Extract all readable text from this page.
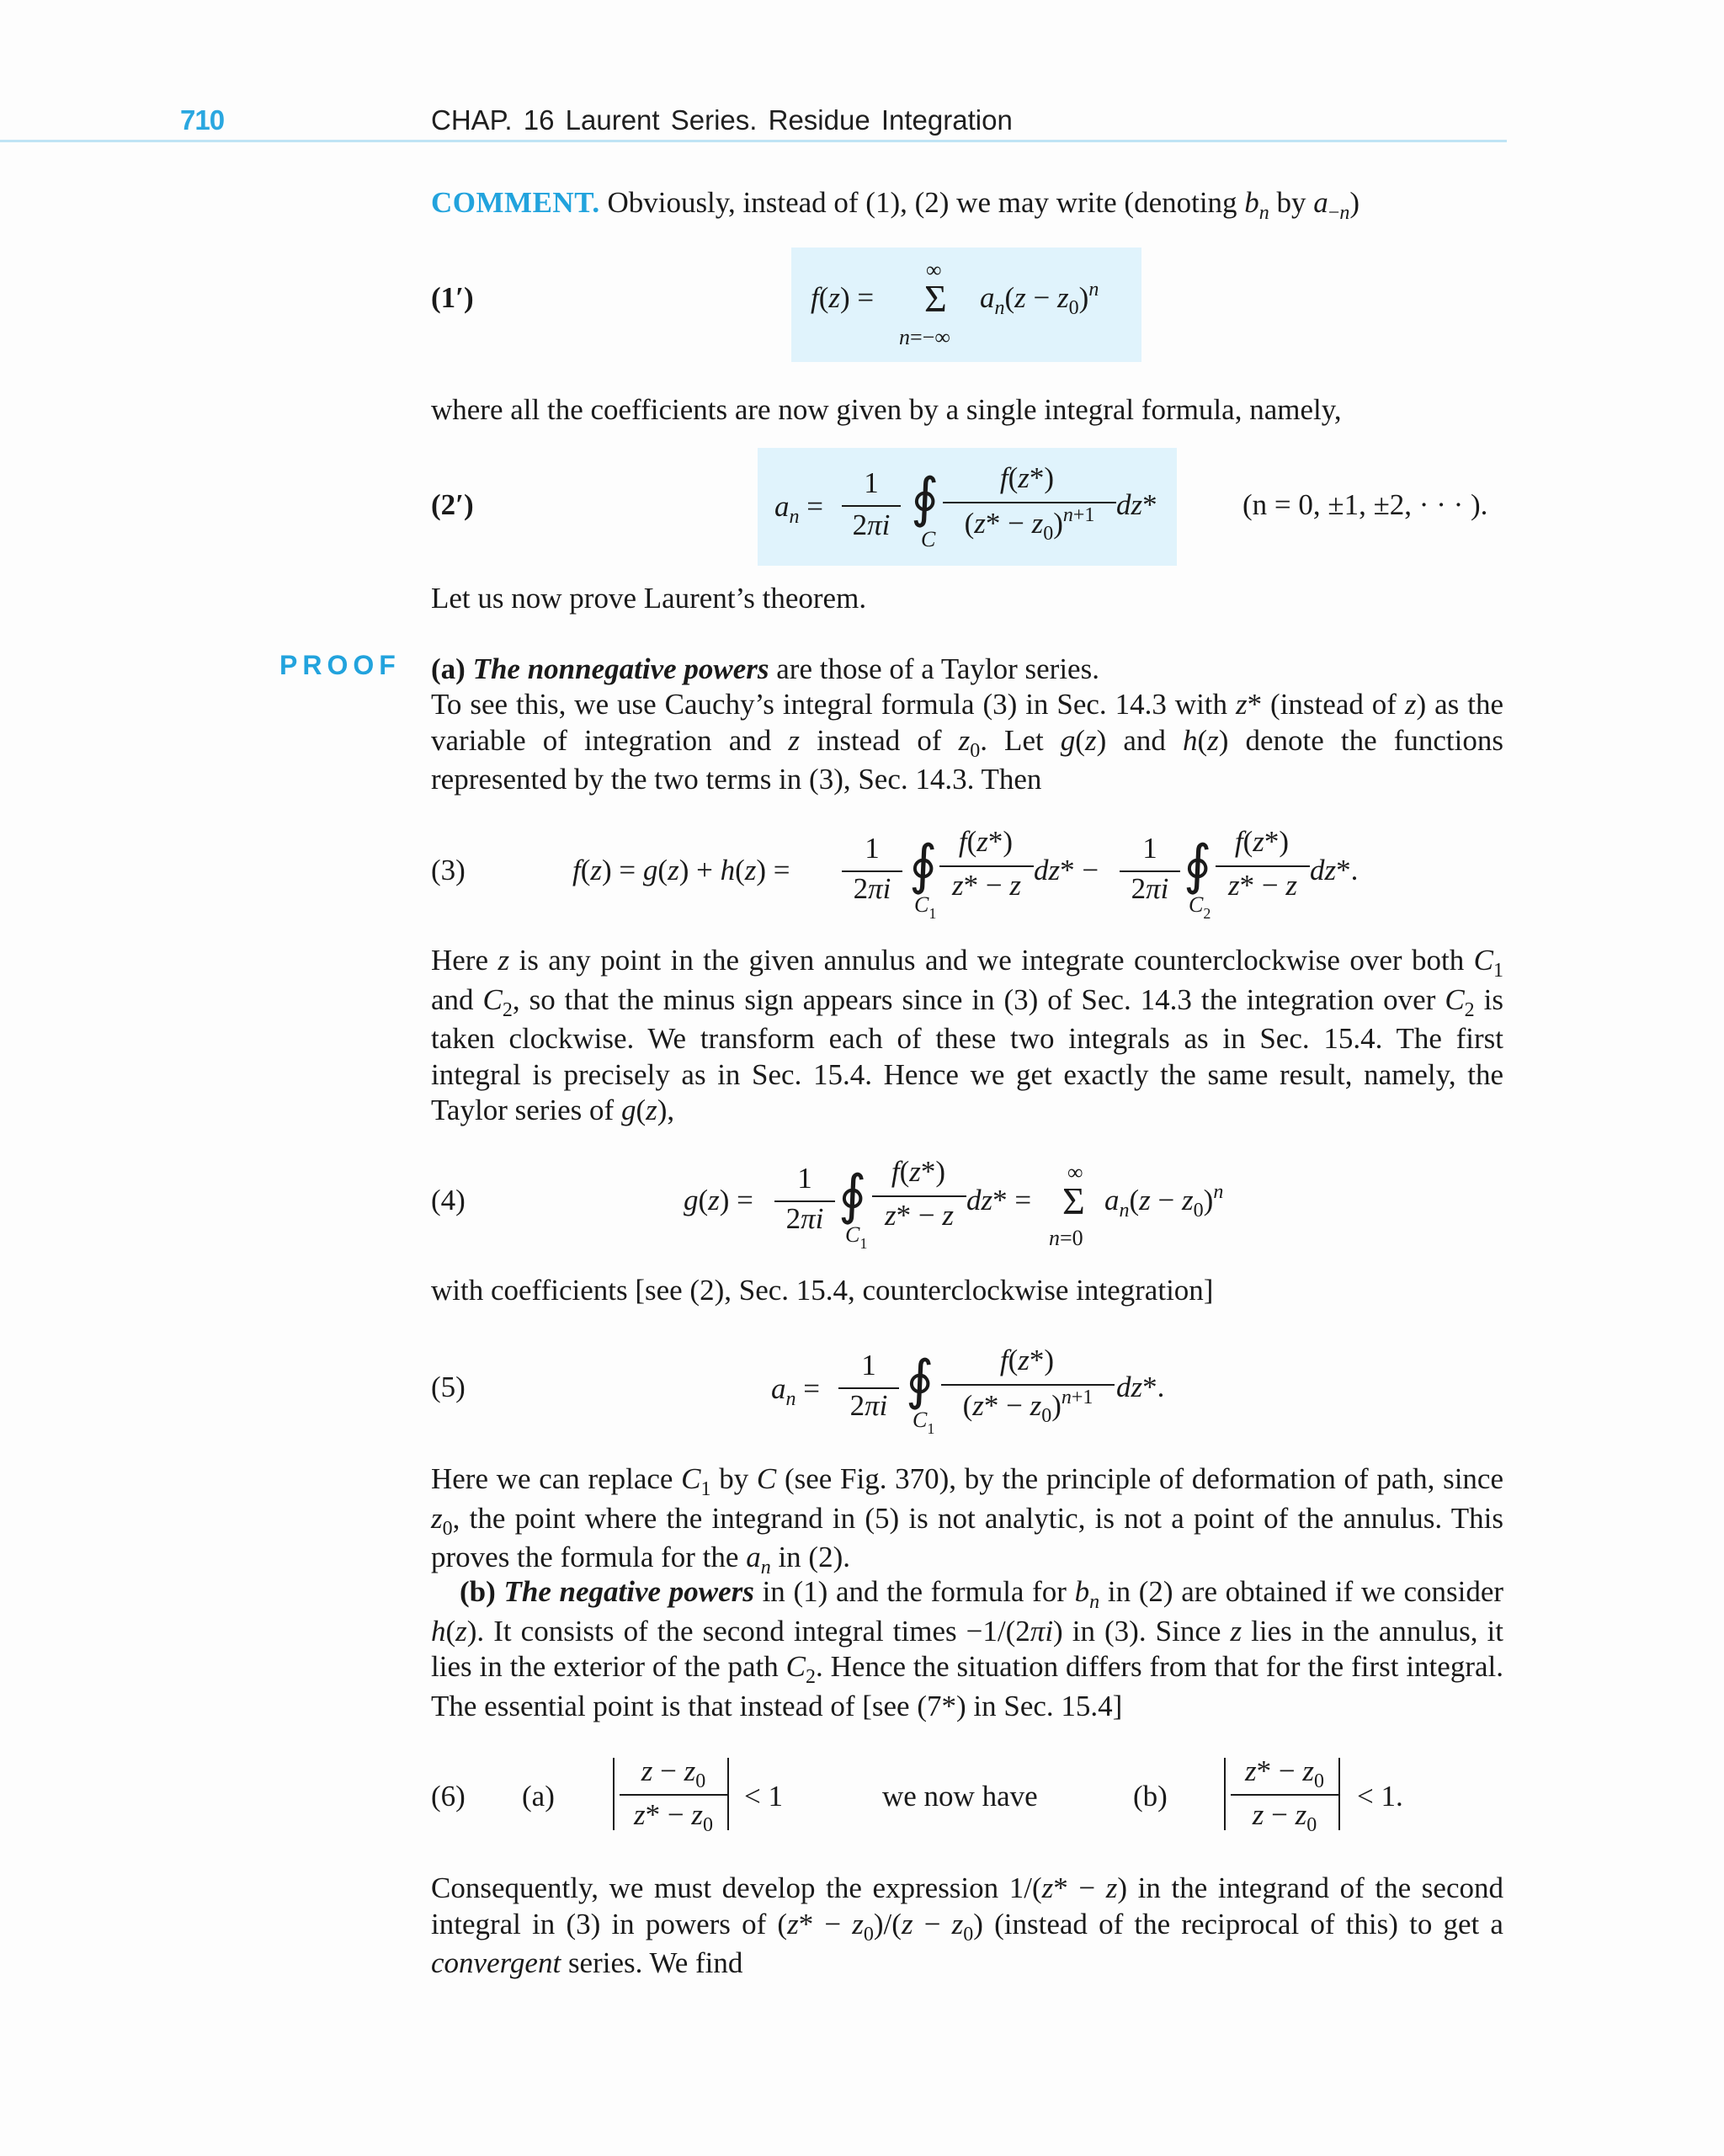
710	CHAP. 16 Laurent Series. Residue Integration
COMMENT. Obviously, instead of (1), (2) we may write (denoting $b_n$ by $a_{-n}$)
(1′)	f(z) =
∞
Σ
n=−∞
$a_n(z - z_0)^n$
where all the coefficients are now given by a single integral formula, namely,
(2′)	$a_n$ =
1
2πi ∮
C
f(z*)
$(z* - z_0)^{n+1}$ dz*	(n = 0, ±1, ±2, · · · ).
Let us now prove Laurent’s theorem.
PROOF (a) The nonnegative powers are those of a Taylor series.
To see this, we use Cauchy’s integral formula (3) in Sec. 14.3 with z* (instead of z) as the variable of integration and z instead of $z_0$. Let g(z) and h(z) denote the functions represented by the two terms in (3), Sec. 14.3. Then
(3)	f(z) = g(z) + h(z) =
1
2πi ∮
$C_1$
f(z*)
z* − z dz* −
1
2πi ∮
$C_2$
f(z*)
z* − z dz*.
Here z is any point in the given annulus and we integrate counterclockwise over both $C_1$ and $C_2$, so that the minus sign appears since in (3) of Sec. 14.3 the integration over $C_2$ is taken clockwise. We transform each of these two integrals as in Sec. 15.4. The first integral is precisely as in Sec. 15.4. Hence we get exactly the same result, namely, the Taylor series of g(z),
(4)	g(z) =
1
2πi ∮
$C_1$
f(z*)
z* − z dz* =
∞
Σ
n=0
$a_n(z - z_0)^n$
with coefficients [see (2), Sec. 15.4, counterclockwise integration]
(5)	$a_n$ =
1
2πi ∮
$C_1$
f(z*)
$(z* - z_0)^{n+1}$ dz*.
Here we can replace $C_1$ by C (see Fig. 370), by the principle of deformation of path, since $z_0$, the point where the integrand in (5) is not analytic, is not a point of the annulus. This proves the formula for the $a_n$ in (2).
(b) The negative powers in (1) and the formula for $b_n$ in (2) are obtained if we consider h(z). It consists of the second integral times −1/(2πi) in (3). Since z lies in the annulus, it lies in the exterior of the path $C_2$. Hence the situation differs from that for the first integral. The essential point is that instead of [see (7*) in Sec. 15.4]
(6) (a)
$z - z_0$
$z* - z_0$
< 1	we now have	(b)
$z* - z_0$
$z - z_0$
< 1.
Consequently, we must develop the expression 1/(z* − z) in the integrand of the second integral in (3) in powers of $(z* - z_0)/(z - z_0)$ (instead of the reciprocal of this) to get a convergent series. We find
